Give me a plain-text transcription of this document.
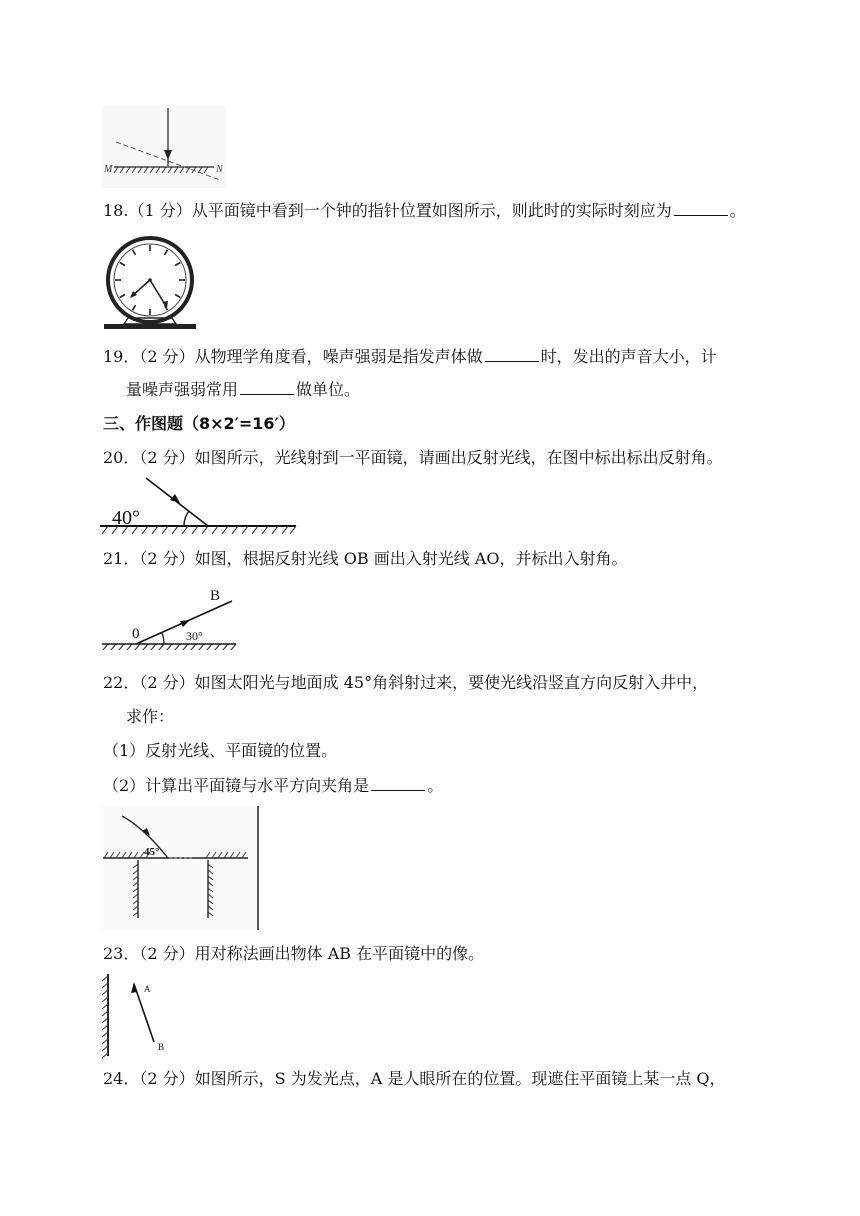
M	N
18.（1 分）从平面镜中看到一个钟的指针位置如图所示，则此时的实际时刻应为	。
19．（2 分）从物理学角度看，噪声强弱是指发声体做	时，发出的声音大小，计
量噪声强弱常用	做单位。
三、作图题（8×2′=16′）
20．（2 分）如图所示，光线射到一平面镜，请画出反射光线，在图中标出标出反射角。
40°
21．（2 分）如图，根据反射光线 OB 画出入射光线 AO，并标出入射角。
0
B
30°
22．（2 分）如图太阳光与地面成 45°角斜射过来，要使光线沿竖直方向反射入井中，
求作：
（1）反射光线、平面镜的位置。
（2）计算出平面镜与水平方向夹角是	。
45°
23．（2 分）用对称法画出物体 AB 在平面镜中的像。
A
B
24．（2 分）如图所示，S 为发光点，A 是人眼所在的位置。现遮住平面镜上某一点 Q，
